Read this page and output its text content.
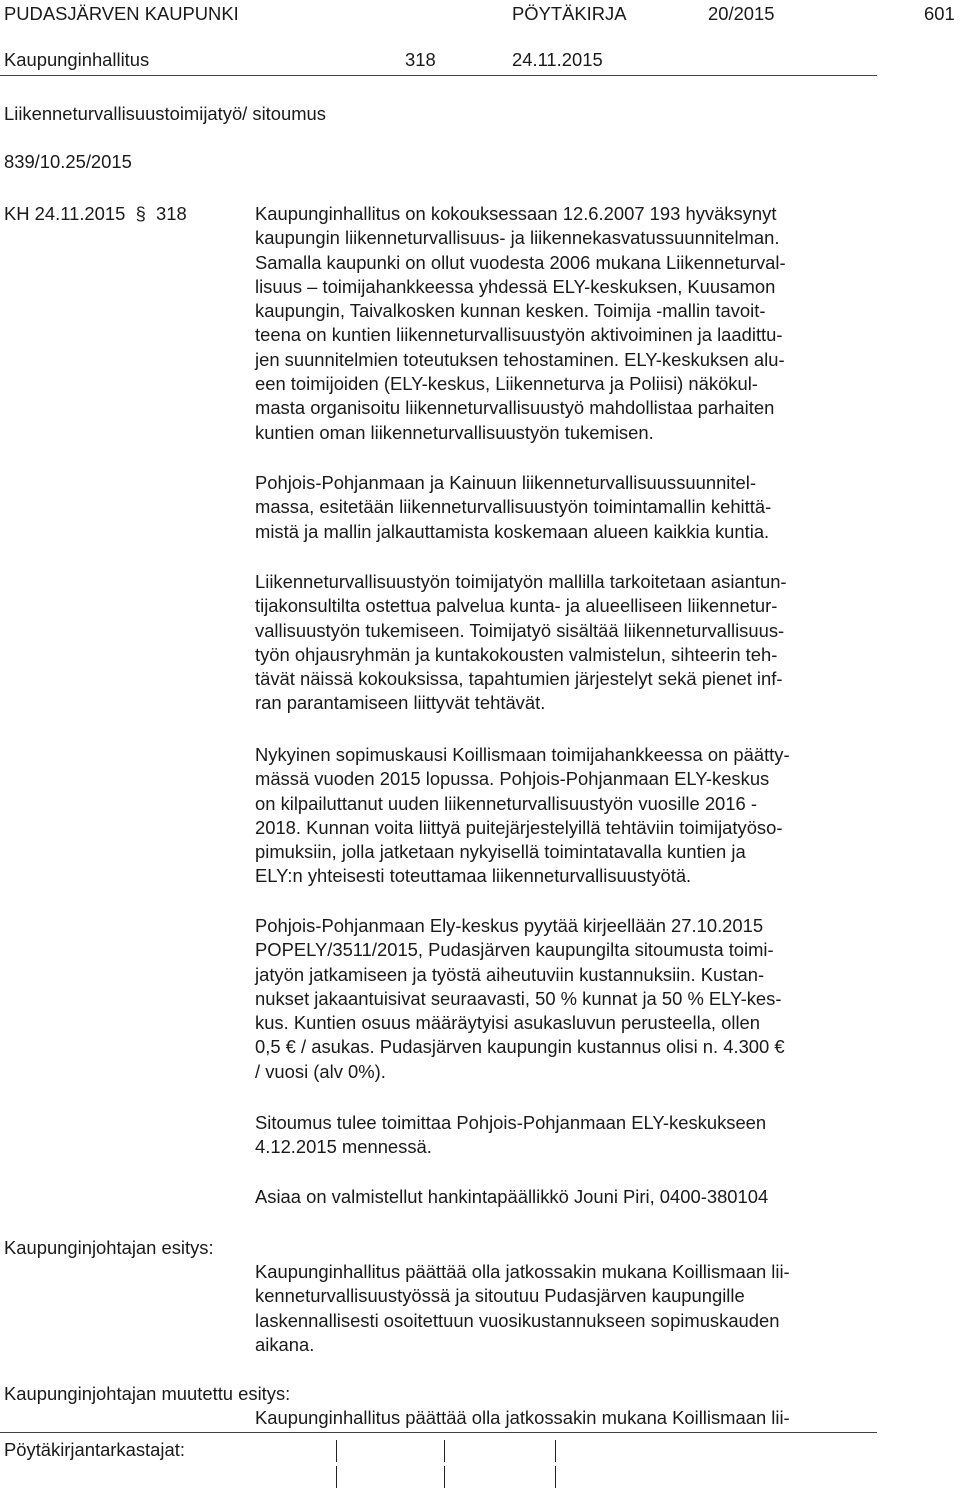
PUDASJÄRVEN KAUPUNKI	PÖYTÄKIRJA	20/2015	601
Kaupunginhallitus	318	24.11.2015
Liikenneturvallisuustoimijatyö/ sitoumus
839/10.25/2015
KH 24.11.2015  §  318	Kaupunginhallitus on kokouksessaan 12.6.2007 193 hyväksynyt
kaupungin liikenneturvallisuus- ja liikennekasvatussuunnitelman.
Samalla kaupunki on ollut vuodesta 2006 mukana Liikenneturval-
lisuus – toimijahankkeessa yhdessä ELY-keskuksen, Kuusamon
kaupungin, Taivalkosken kunnan kesken. Toimija -mallin tavoit-
teena on kuntien liikenneturvallisuustyön aktivoiminen ja laadittu-
jen suunnitelmien toteutuksen tehostaminen. ELY-keskuksen alu-
een toimijoiden (ELY-keskus, Liikenneturva ja Poliisi) näkökul-
masta organisoitu liikenneturvallisuustyö mahdollistaa parhaiten
kuntien oman liikenneturvallisuustyön tukemisen.
Pohjois-Pohjanmaan ja Kainuun liikenneturvallisuussuunnitel-
massa, esitetään liikenneturvallisuustyön toimintamallin kehittä-
mistä ja mallin jalkauttamista koskemaan alueen kaikkia kuntia.
Liikenneturvallisuustyön toimijatyön mallilla tarkoitetaan asiantun-
tijakonsultilta ostettua palvelua kunta- ja alueelliseen liikennetur-
vallisuustyön tukemiseen. Toimijatyö sisältää liikenneturvallisuus-
työn ohjausryhmän ja kuntakokousten valmistelun, sihteerin teh-
tävät näissä kokouksissa, tapahtumien järjestelyt sekä pienet inf-
ran parantamiseen liittyvät tehtävät.
Nykyinen sopimuskausi Koillismaan toimijahankkeessa on päätty-
mässä vuoden 2015 lopussa. Pohjois-Pohjanmaan ELY-keskus
on kilpailuttanut uuden liikenneturvallisuustyön vuosille 2016 -
2018. Kunnan voita liittyä puitejärjestelyillä tehtäviin toimijatyöso-
pimuksiin, jolla jatketaan nykyisellä toimintatavalla kuntien ja
ELY:n yhteisesti toteuttamaa liikenneturvallisuustyötä.
Pohjois-Pohjanmaan Ely-keskus pyytää kirjeellään 27.10.2015
POPELY/3511/2015, Pudasjärven kaupungilta sitoumusta toimi-
jatyön jatkamiseen ja työstä aiheutuviin kustannuksiin. Kustan-
nukset jakaantuisivat seuraavasti, 50 % kunnat ja 50 % ELY-kes-
kus. Kuntien osuus määräytyisi asukasluvun perusteella, ollen
0,5 € / asukas. Pudasjärven kaupungin kustannus olisi n. 4.300 €
/ vuosi (alv 0%).
Sitoumus tulee toimittaa Pohjois-Pohjanmaan ELY-keskukseen
4.12.2015 mennessä.
Asiaa on valmistellut hankintapäällikkö Jouni Piri, 0400-380104
Kaupunginjohtajan esitys:
Kaupunginhallitus päättää olla jatkossakin mukana Koillismaan lii-
kenneturvallisuustyössä ja sitoutuu Pudasjärven kaupungille
laskennallisesti osoitettuun vuosikustannukseen sopimuskauden
aikana.
Kaupunginjohtajan muutettu esitys:
Kaupunginhallitus päättää olla jatkossakin mukana Koillismaan lii-
Pöytäkirjantarkastajat:
